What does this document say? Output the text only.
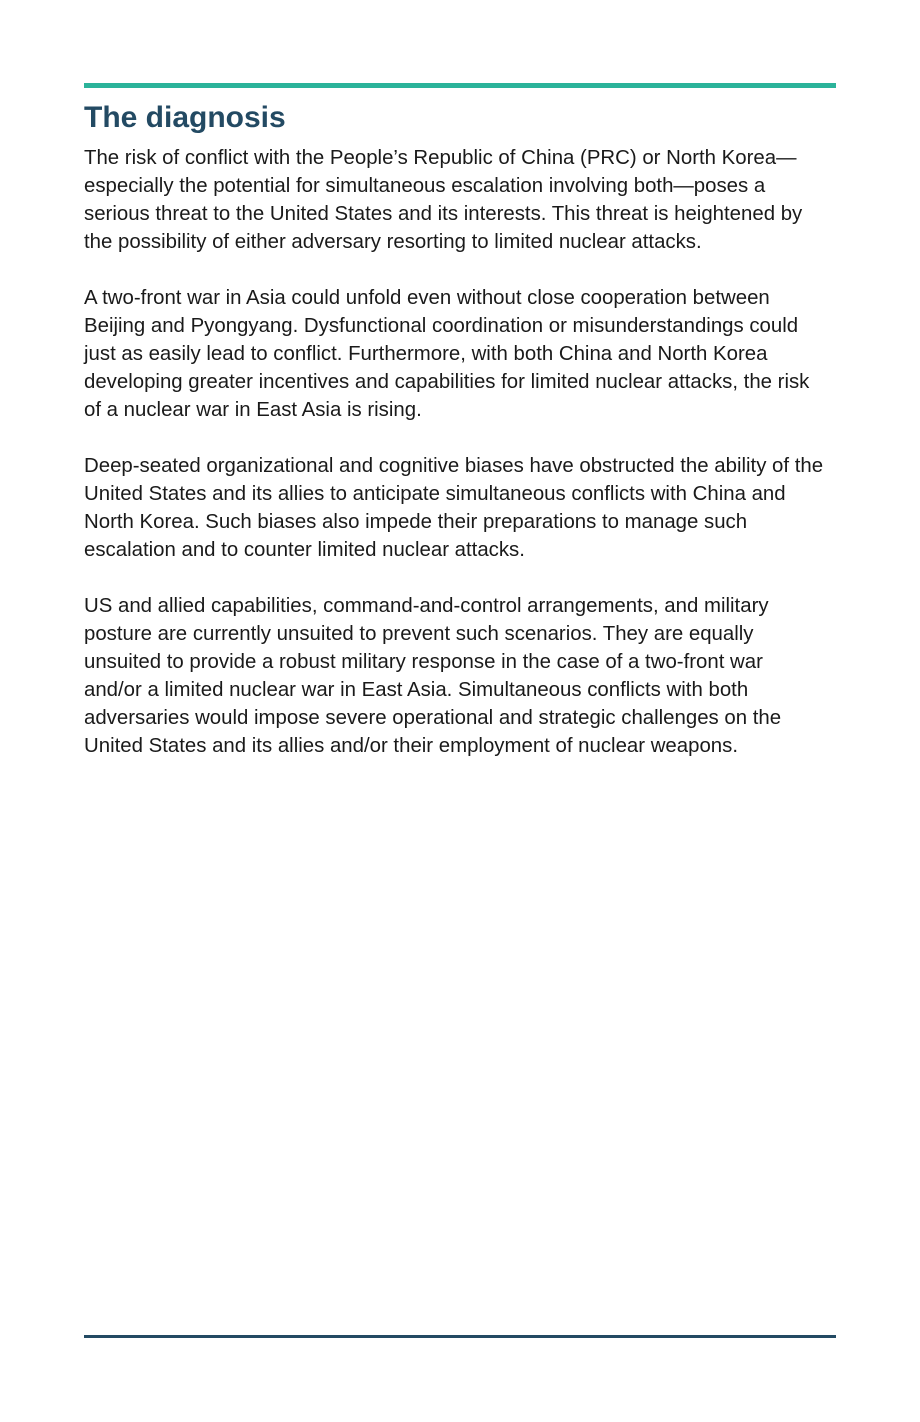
The diagnosis

The risk of conflict with the People’s Republic of China (PRC) or North Korea—especially the potential for simultaneous escalation involving both—poses a serious threat to the United States and its interests. This threat is heightened by the possibility of either adversary resorting to limited nuclear attacks.

A two-front war in Asia could unfold even without close cooperation between Beijing and Pyongyang. Dysfunctional coordination or misunderstandings could just as easily lead to conflict. Furthermore, with both China and North Korea developing greater incentives and capabilities for limited nuclear attacks, the risk of a nuclear war in East Asia is rising.

Deep-seated organizational and cognitive biases have obstructed the ability of the United States and its allies to anticipate simultaneous conflicts with China and North Korea. Such biases also impede their preparations to manage such escalation and to counter limited nuclear attacks.

US and allied capabilities, command-and-control arrangements, and military posture are currently unsuited to prevent such scenarios. They are equally unsuited to provide a robust military response in the case of a two-front war and/or a limited nuclear war in East Asia. Simultaneous conflicts with both adversaries would impose severe operational and strategic challenges on the United States and its allies and/or their employment of nuclear weapons.
